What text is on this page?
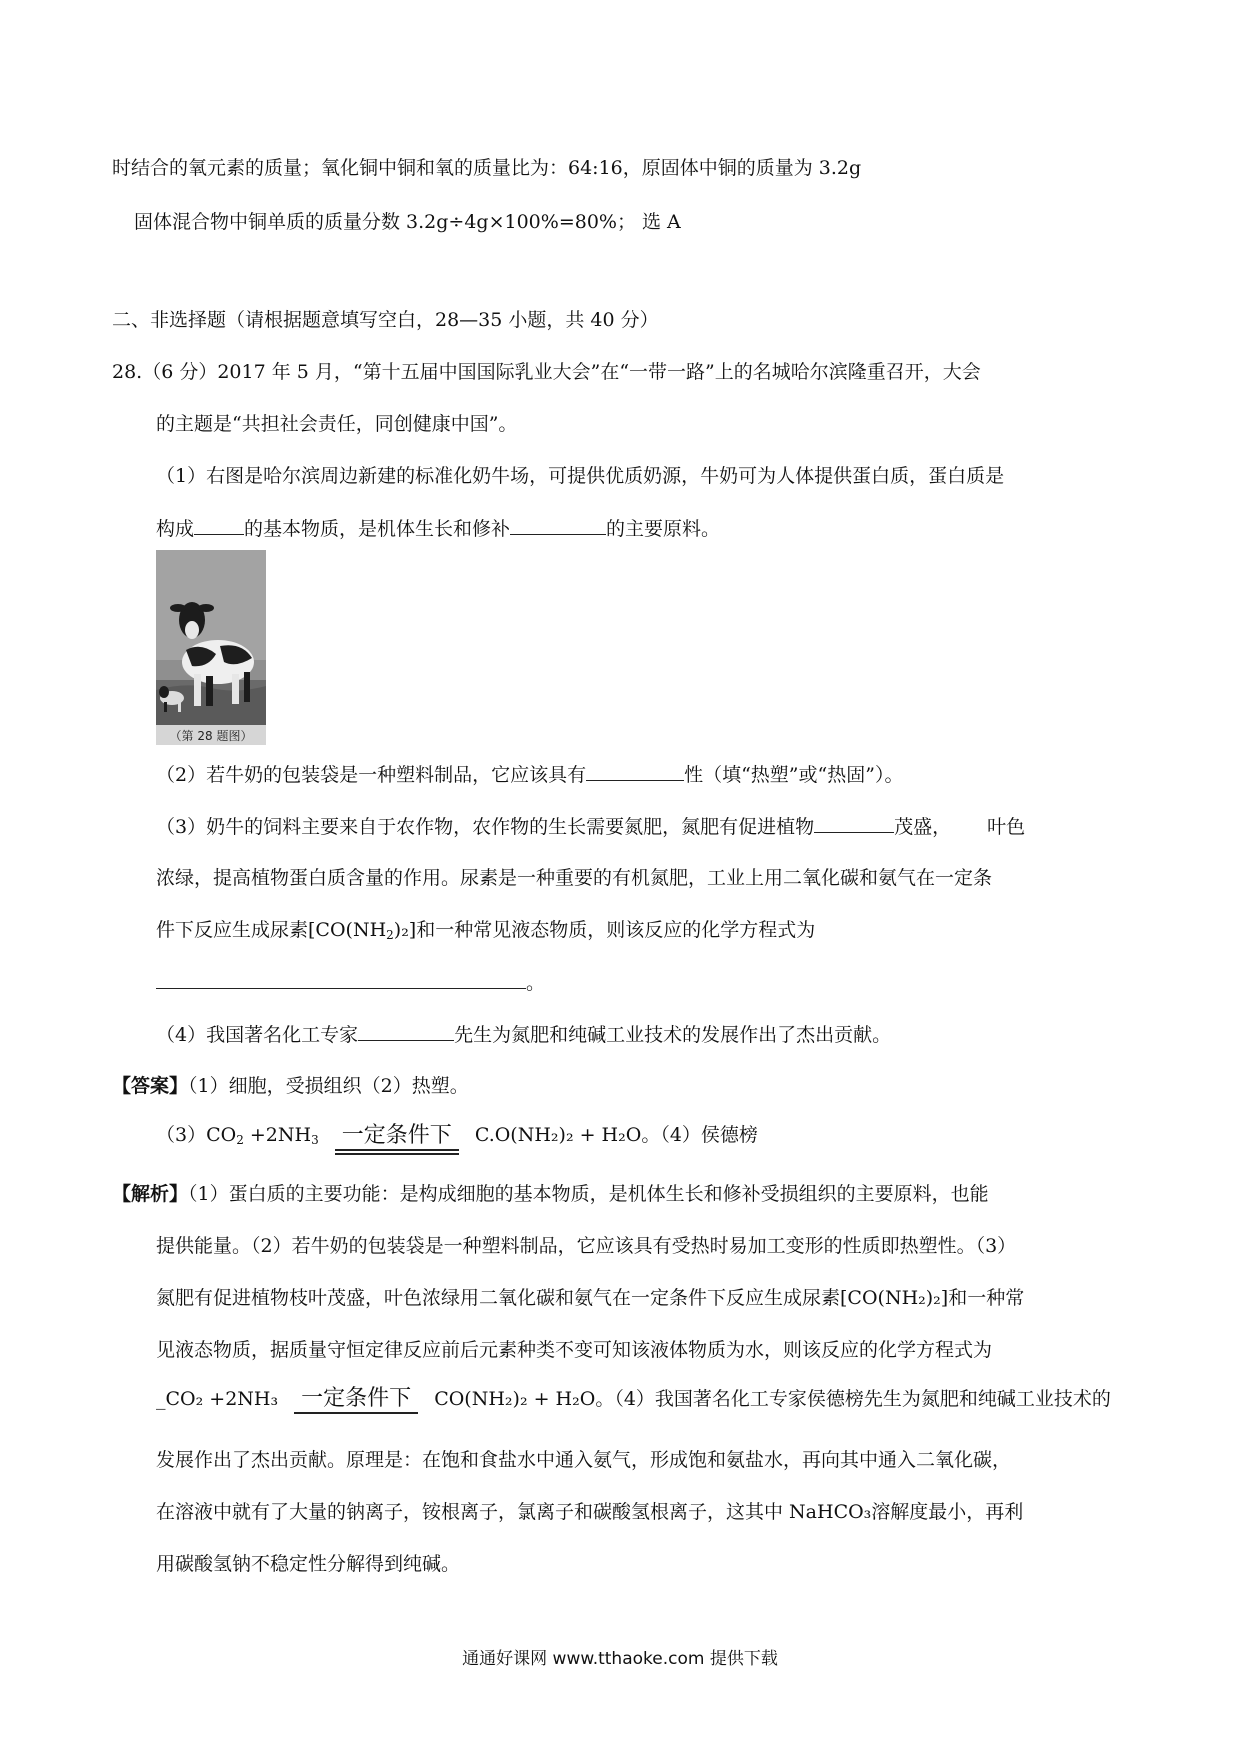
时结合的氧元素的质量；氧化铜中铜和氧的质量比为：64:16，原固体中铜的质量为 3.2g
固体混合物中铜单质的质量分数 3.2g÷4g×100%=80%； 选 A
二、非选择题（请根据题意填写空白，28—35 小题，共 40 分）
28.（6 分）2017 年 5 月，“第十五届中国国际乳业大会”在“一带一路”上的名城哈尔滨隆重召开，大会
的主题是“共担社会责任，同创健康中国”。
（1）右图是哈尔滨周边新建的标准化奶牛场，可提供优质奶源，牛奶可为人体提供蛋白质，蛋白质是
构成	的基本物质，是机体生长和修补	的主要原料。
（第 28 题图）
（2）若牛奶的包装袋是一种塑料制品，它应该具有	性（填“热塑”或“热固”）。
（3）奶牛的饲料主要来自于农作物，农作物的生长需要氮肥，氮肥有促进植物	茂盛， 叶色
浓绿，提高植物蛋白质含量的作用。尿素是一种重要的有机氮肥，工业上用二氧化碳和氨气在一定条
件下反应生成尿素$[CO(NH_2)_2]$和一种常见液态物质，则该反应的化学方程式为
。
（4）我国著名化工专家	先生为氮肥和纯碱工业技术的发展作出了杰出贡献。
【答案】（1）细胞，受损组织（2）热塑。
$(3)CO_2 +2NH_3$	一定条件下	C.O(NH₂)₂ + H₂O。（4）侯德榜
【解析】（1）蛋白质的主要功能：是构成细胞的基本物质，是机体生长和修补受损组织的主要原料，也能
提供能量。（2）若牛奶的包装袋是一种塑料制品，它应该具有受热时易加工变形的性质即热塑性。（3）
氮肥有促进植物枝叶茂盛，叶色浓绿用二氧化碳和氨气在一定条件下反应生成尿素[CO(NH₂)₂]和一种常
见液态物质，据质量守恒定律反应前后元素种类不变可知该液体物质为水，则该反应的化学方程式为
_CO₂ +2NH₃	一定条件下	CO(NH₂)₂ + H₂O。（4）我国著名化工专家侯德榜先生为氮肥和纯碱工业技术的
发展作出了杰出贡献。原理是：在饱和食盐水中通入氨气，形成饱和氨盐水，再向其中通入二氧化碳，
在溶液中就有了大量的钠离子，铵根离子，氯离子和碳酸氢根离子，这其中 NaHCO₃溶解度最小，再利
用碳酸氢钠不稳定性分解得到纯碱。
通通好课网 www.tthaoke.com 提供下载
